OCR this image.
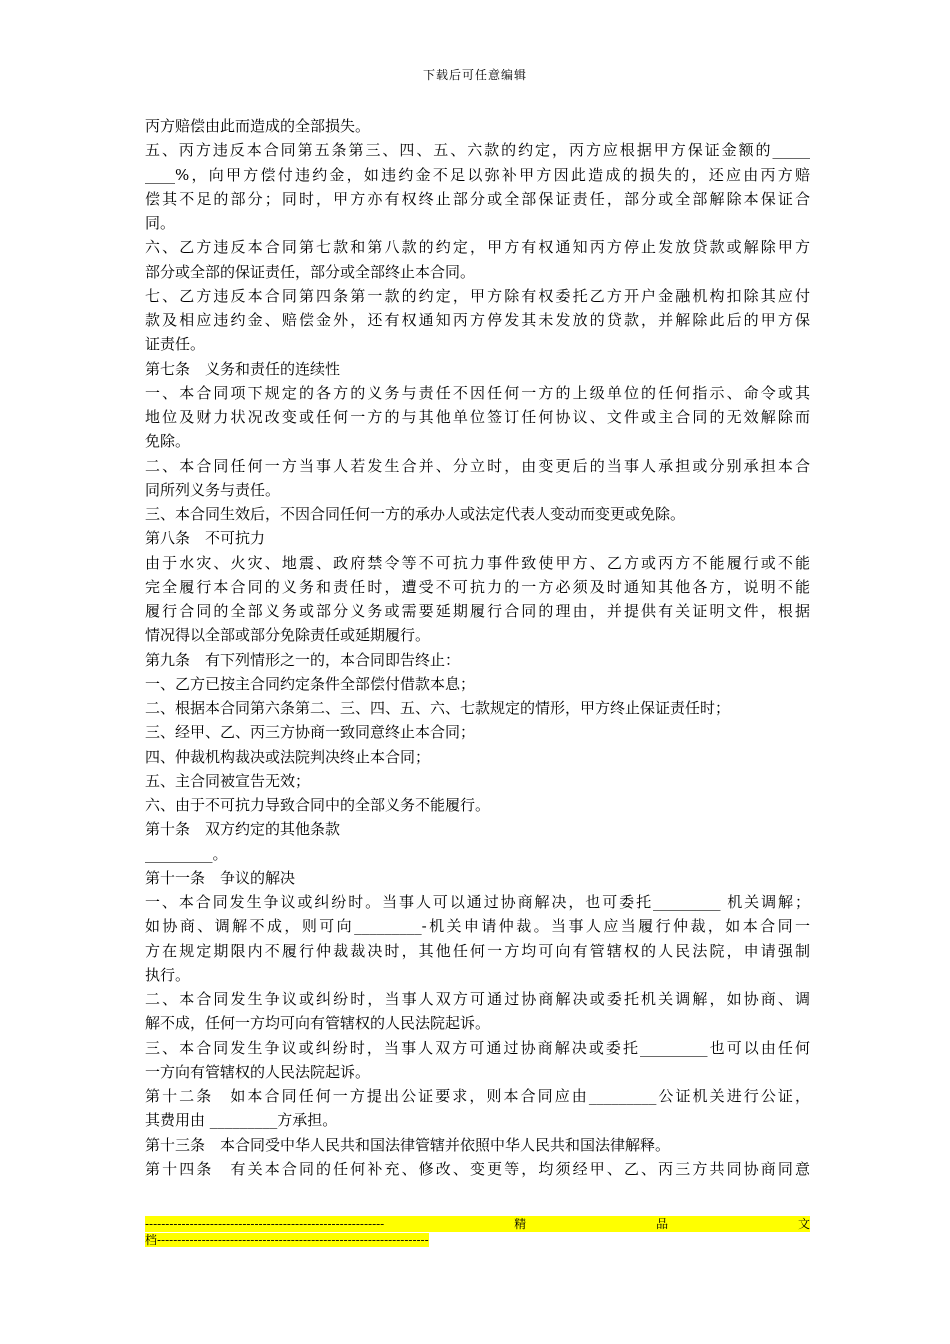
下载后可任意编辑
丙方赔偿由此而造成的全部损失。
五、丙方违反本合同第五条第三、四、五、六款的约定，丙方应根据甲方保证金额的_____
____%，向甲方偿付违约金，如违约金不足以弥补甲方因此造成的损失的，还应由丙方赔
偿其不足的部分；同时，甲方亦有权终止部分或全部保证责任，部分或全部解除本保证合
同。
六、乙方违反本合同第七款和第八款的约定，甲方有权通知丙方停止发放贷款或解除甲方
部分或全部的保证责任，部分或全部终止本合同。
七、乙方违反本合同第四条第一款的约定，甲方除有权委托乙方开户金融机构扣除其应付
款及相应违约金、赔偿金外，还有权通知丙方停发其未发放的贷款，并解除此后的甲方保
证责任。
第七条　义务和责任的连续性
一、本合同项下规定的各方的义务与责任不因任何一方的上级单位的任何指示、命令或其
地位及财力状况改变或任何一方的与其他单位签订任何协议、文件或主合同的无效解除而
免除。
二、本合同任何一方当事人若发生合并、分立时，由变更后的当事人承担或分别承担本合
同所列义务与责任。
三、本合同生效后，不因合同任何一方的承办人或法定代表人变动而变更或免除。
第八条　不可抗力
由于水灾、火灾、地震、政府禁令等不可抗力事件致使甲方、乙方或丙方不能履行或不能
完全履行本合同的义务和责任时，遭受不可抗力的一方必须及时通知其他各方，说明不能
履行合同的全部义务或部分义务或需要延期履行合同的理由，并提供有关证明文件，根据
情况得以全部或部分免除责任或延期履行。
第九条　有下列情形之一的，本合同即告终止：
一、乙方已按主合同约定条件全部偿付借款本息；
二、根据本合同第六条第二、三、四、五、六、七款规定的情形，甲方终止保证责任时；
三、经甲、乙、丙三方协商一致同意终止本合同；
四、仲裁机构裁决或法院判决终止本合同；
五、主合同被宣告无效；
六、由于不可抗力导致合同中的全部义务不能履行。
第十条　双方约定的其他条款
_________。
第十一条　争议的解决
一、本合同发生争议或纠纷时。当事人可以通过协商解决，也可委托_________ 机关调解；
如协商、调解不成，则可向_________-机关申请仲裁。当事人应当履行仲裁，如本合同一
方在规定期限内不履行仲裁裁决时，其他任何一方均可向有管辖权的人民法院，申请强制
执行。
二、本合同发生争议或纠纷时，当事人双方可通过协商解决或委托机关调解，如协商、调
解不成，任何一方均可向有管辖权的人民法院起诉。
三、本合同发生争议或纠纷时，当事人双方可通过协商解决或委托_________也可以由任何
一方向有管辖权的人民法院起诉。
第十二条　如本合同任何一方提出公证要求，则本合同应由_________公证机关进行公证，
其费用由 _________方承担。
第十三条　本合同受中华人民共和国法律管辖并依照中华人民共和国法律解释。
第十四条　有关本合同的任何补充、修改、变更等，均须经甲、乙、丙三方共同协商同意
-----------------------------------------------------------	精	品	文
档-------------------------------------------------------------------
